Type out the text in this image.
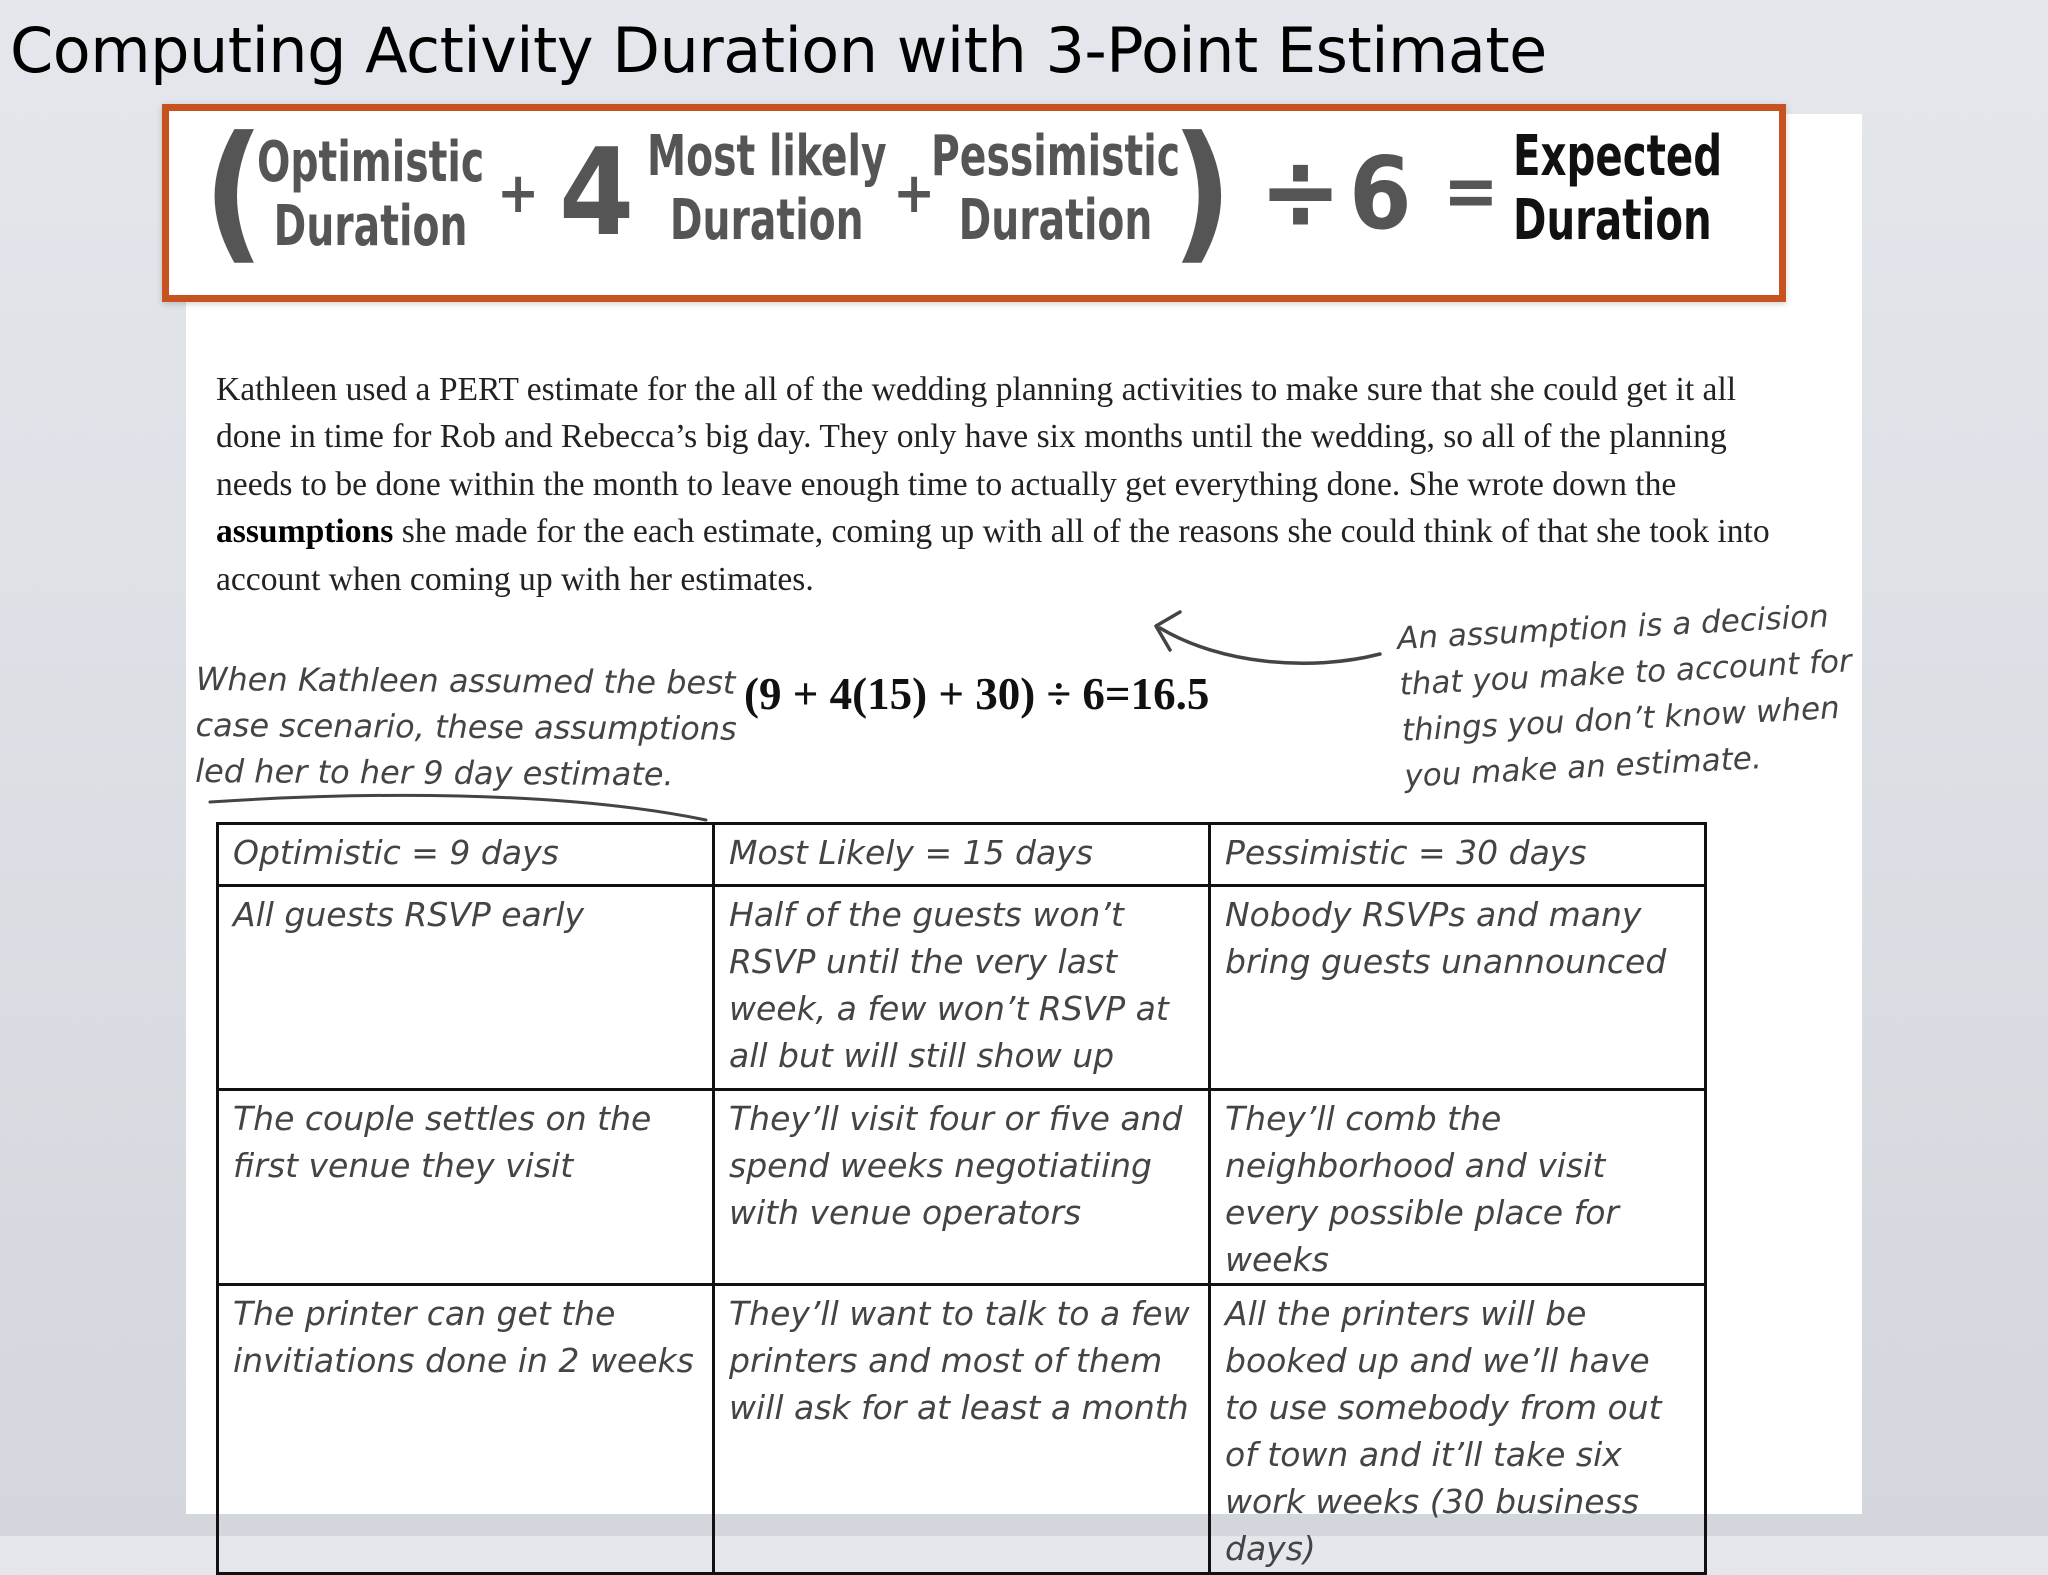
Computing Activity Duration with 3-Point Estimate
(
Optimistic
Duration
+ 4 Most likely
Duration +
Pessimistic
Duration ) ÷ 6 = Expected
Duration

Kathleen used a PERT estimate for the all of the wedding planning activities to make sure that she could get it all done in time for Rob and Rebecca’s big day. They only have six months until the wedding, so all of the planning needs to be done within the month to leave enough time to actually get everything done. She wrote down the assumptions she made for the each estimate, coming up with all of the reasons she could think of that she took into account when coming up with her estimates.

When Kathleen assumed the best
case scenario, these assumptions
led her to her 9 day estimate.

(9 + 4(15) + 30) ÷ 6=16.5

An assumption is a decision
that you make to account for
things you don’t know when
you make an estimate.
Optimistic = 9 days	Most Likely = 15 days	Pessimistic = 30 days
All guests RSVP early	Half of the guests won’t RSVP until the very last week, a few won’t RSVP at all but will still show up	Nobody RSVPs and many bring guests unannounced
The couple settles on the first venue they visit	They’ll visit four or five and spend weeks negotiatiing with venue operators	They’ll comb the neighborhood and visit every possible place for weeks
The printer can get the invitiations done in 2 weeks	They’ll want to talk to a few printers and most of them will ask for at least a month	All the printers will be booked up and we’ll have to use somebody from out of town and it’ll take six work weeks (30 business days)
